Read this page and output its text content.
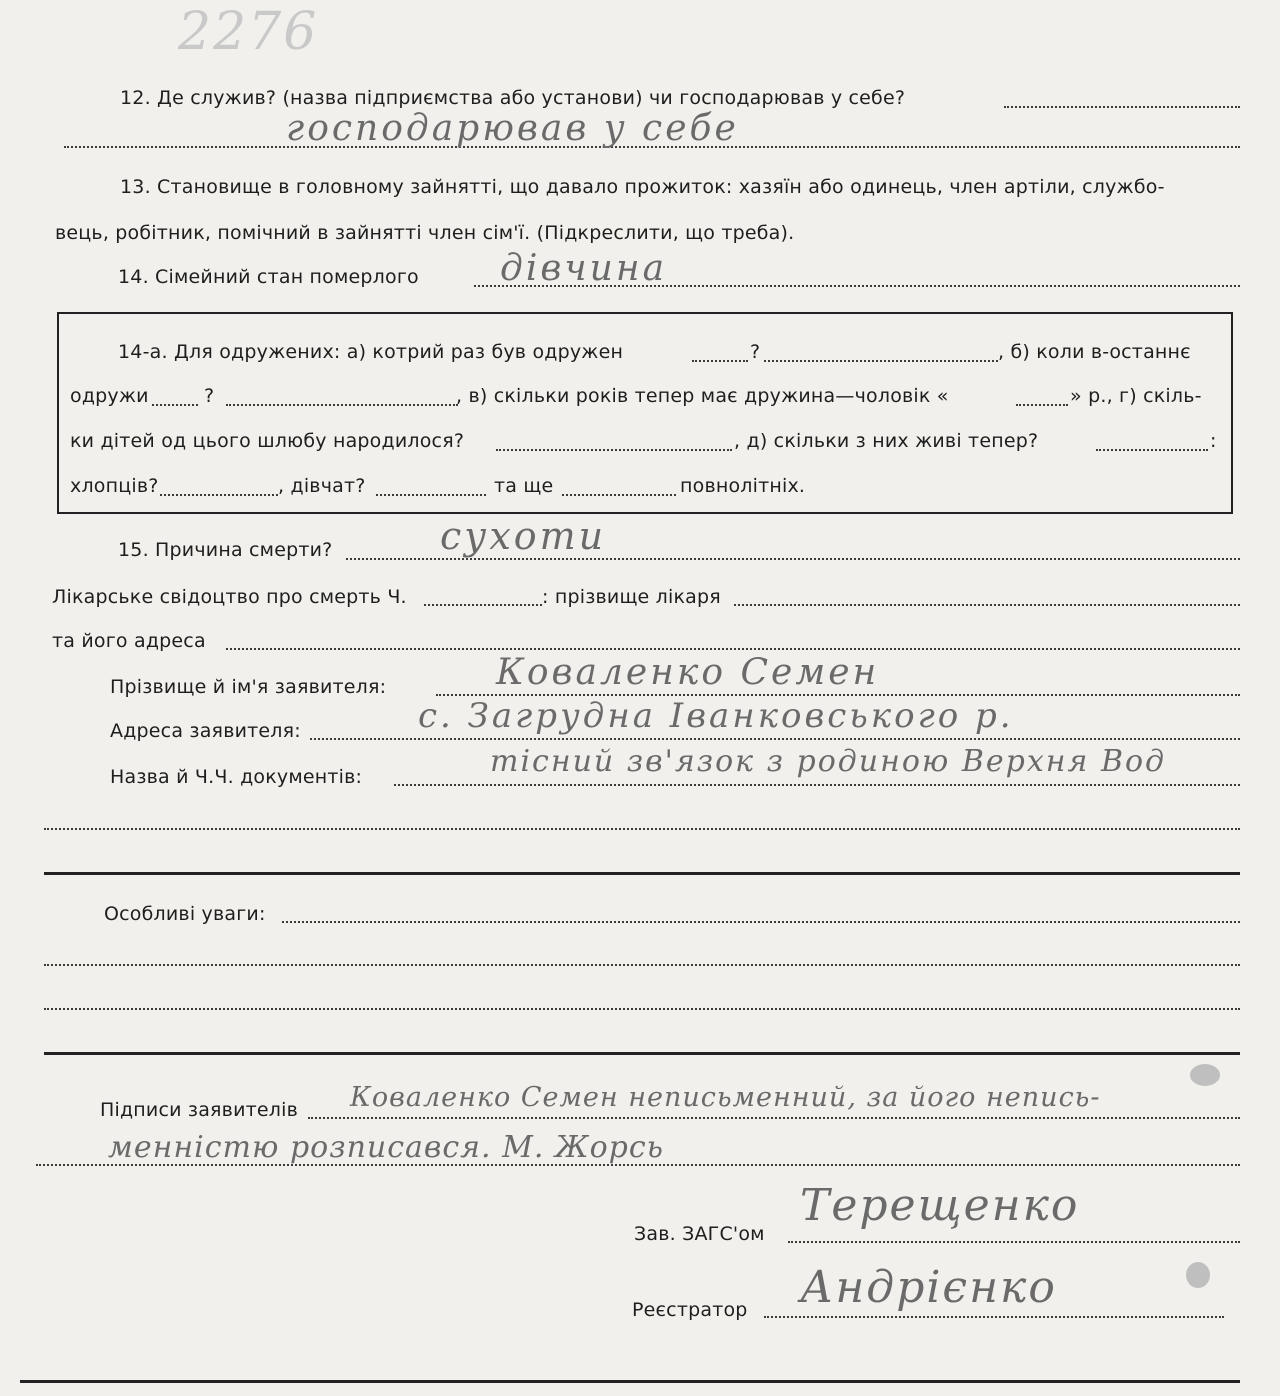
2276
12. Де служив? (назва підприємства або установи) чи господарював у себе?
господарював у себе
13. Становище в головному зайнятті, що давало прожиток: хазяїн або одинець, член артіли, службо-
вець, робітник, помічний в зайнятті член сім'ї. (Підкреслити, що треба).
14. Сімейний стан померлого дівчина
14-а. Для одружених: а) котрий раз був одружен	?	, б) коли в-останнє
одружи	?	, в) скільки років тепер має дружина—чоловік «	» р., г) скіль-
ки дітей од цього шлюбу народилося?	, д) скільки з них живі тепер?	:
хлопців?	, дівчат?	та ще	повнолітніх.
15. Причина смерти?	сухоти
Лікарське свідоцтво про смерть Ч.	: прізвище лікаря
та його адреса
Прізвище й ім'я заявителя:	Коваленко Семен
Адреса заявителя:	с. Загрудна Іванковського р.
Назва й Ч.Ч. документів:	тісний зв'язок з родиною Верхня Вод
Особливі уваги:
Підписи заявителів Коваленко Семен неписьменний, за його непись-
менністю розписався. М. Жорсь
Зав. ЗАГС'ом
Терещенко
Реєстратор Андрієнко
